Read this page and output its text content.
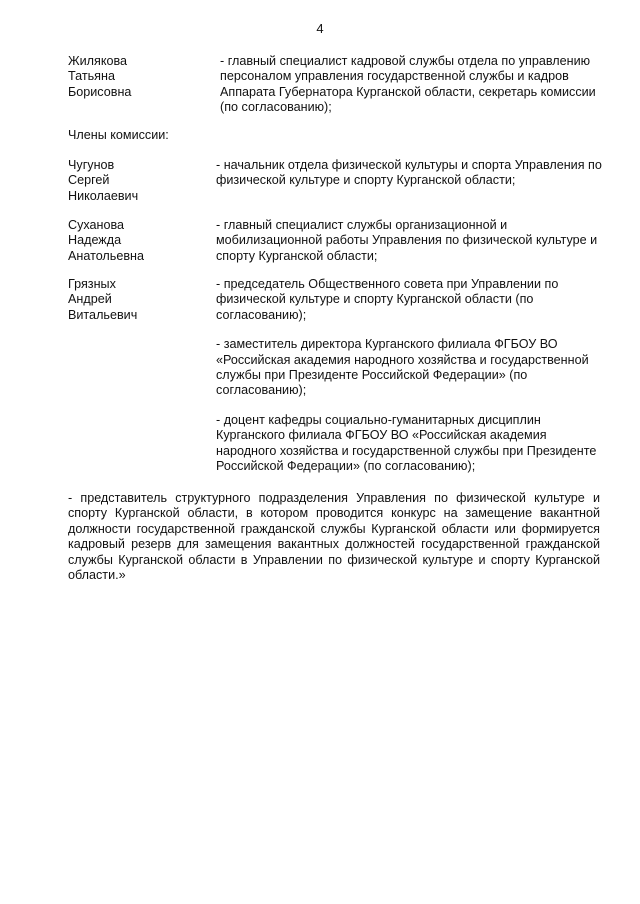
4
Жилякова
Татьяна
Борисовна

- главный специалист кадровой службы отдела по управлению персоналом управления государственной службы и кадров Аппарата Губернатора Курганской области, секретарь комиссии (по согласованию);

Члены комиссии:
Чугунов
Сергей
Николаевич

- начальник отдела физической культуры и спорта Управления по физической культуре и спорту Курганской области;

Суханова
Надежда
Анатольевна

- главный специалист службы организационной и мобилизационной работы Управления по физической культуре и спорту Курганской области;

Грязных
Андрей
Витальевич

- председатель Общественного совета при Управлении по физической культуре и спорту Курганской области (по согласованию);

- заместитель директора Курганского филиала ФГБОУ ВО «Российская академия народного хозяйства и государственной службы при Президенте Российской Федерации» (по согласованию);

- доцент кафедры социально-гуманитарных дисциплин Курганского филиала ФГБОУ ВО «Российская академия народного хозяйства и государственной службы при Президенте Российской Федерации» (по согласованию);

- представитель структурного подразделения Управления по физической культуре и спорту Курганской области, в котором проводится конкурс на замещение вакантной должности государственной гражданской службы Курганской области или формируется кадровый резерв для замещения вакантных должностей государственной гражданской службы Курганской области в Управлении по физической культуре и спорту Курганской области.»
